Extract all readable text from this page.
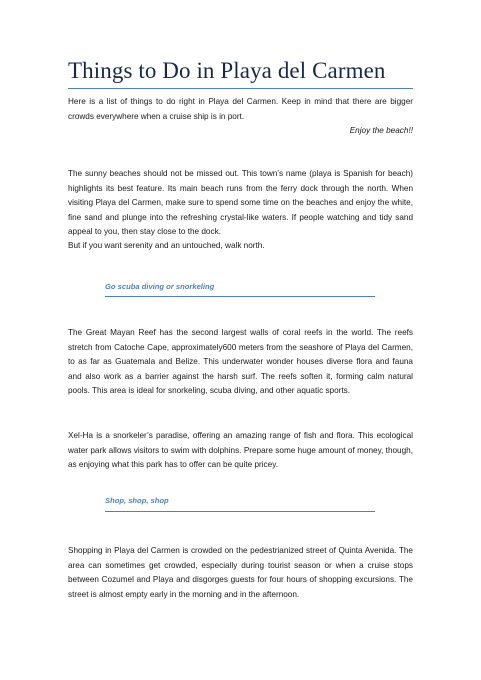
Things to Do in Playa del Carmen

Here is a list of things to do right in Playa del Carmen. Keep in mind that there are bigger crowds everywhere when a cruise ship is in port.

Enjoy the beach!!

The sunny beaches should not be missed out. This town’s name (playa is Spanish for beach) highlights its best feature. Its main beach runs from the ferry dock through the north. When visiting Playa del Carmen, make sure to spend some time on the beaches and enjoy the white, fine sand and plunge into the refreshing crystal-like waters. If people watching and tidy sand appeal to you, then stay close to the dock.

But if you want serenity and an untouched, walk north.

Go scuba diving or snorkeling

The Great Mayan Reef has the second largest walls of coral reefs in the world. The reefs stretch from Catoche Cape, approximately600 meters from the seashore of Playa del Carmen, to as far as Guatemala and Belize. This underwater wonder houses diverse flora and fauna and also work as a barrier against the harsh surf. The reefs soften it, forming calm natural pools. This area is ideal for snorkeling, scuba diving, and other aquatic sports.

Xel-Ha is a snorkeler’s paradise, offering an amazing range of fish and flora. This ecological water park allows visitors to swim with dolphins. Prepare some huge amount of money, though, as enjoying what this park has to offer can be quite pricey.

Shop, shop, shop

Shopping in Playa del Carmen is crowded on the pedestrianized street of Quinta Avenida. The area can sometimes get crowded, especially during tourist season or when a cruise stops between Cozumel and Playa and disgorges guests for four hours of shopping excursions. The street is almost empty early in the morning and in the afternoon.
